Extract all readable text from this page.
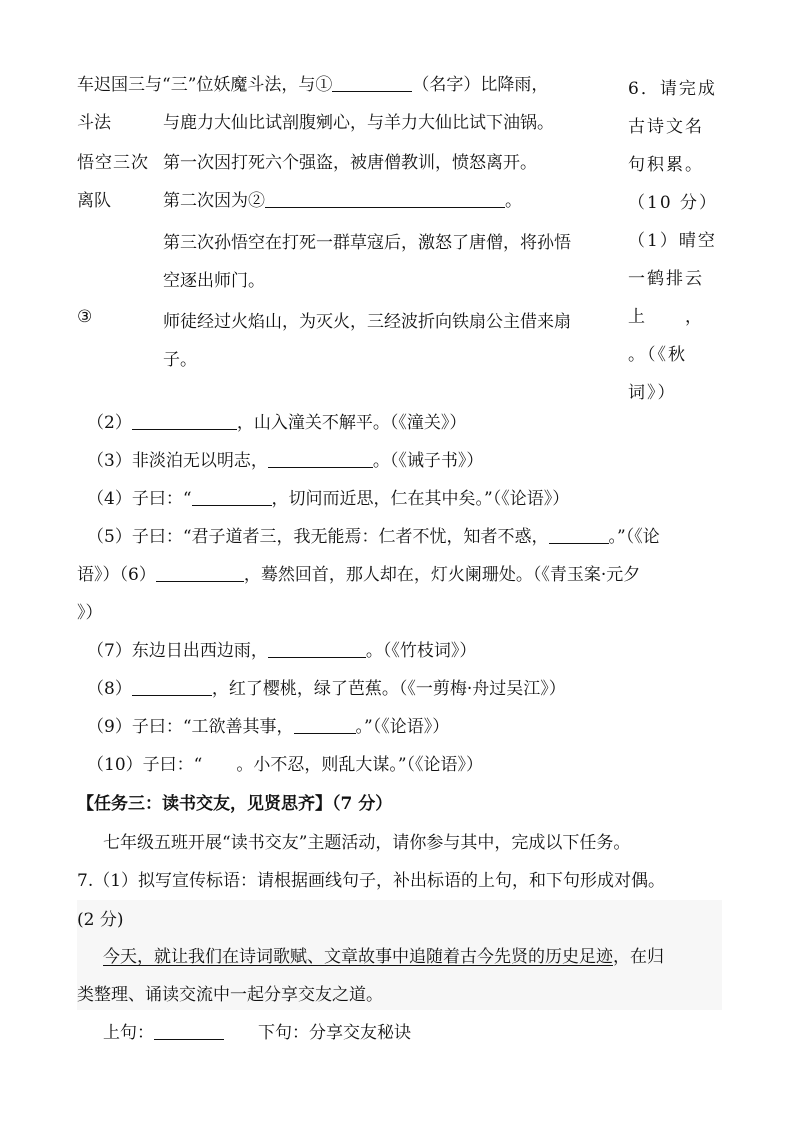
车迟国三与“三”位妖魔斗法，与①	（名字）比降雨，
斗法	与鹿力大仙比试剖腹剜心，与羊力大仙比试下油锅。
悟空三次 第一次因打死六个强盗，被唐僧教训，愤怒离开。
离队	第二次因为②	。
第三次孙悟空在打死一群草寇后，激怒了唐僧，将孙悟
空逐出师门。
③	师徒经过火焰山，为灭火，三经波折向铁扇公主借来扇
子。
6．请完成
古诗文名
句积累。
（10 分）
（1）晴空
一鹤排云
上　　，
。（《秋
词》）
（2）	，山入潼关不解平。（《潼关》）
（3）非淡泊无以明志，	。（《诫子书》）
（4）子曰：“	，切问而近思，仁在其中矣。”（《论语》）
（5）子曰：“君子道者三，我无能焉：仁者不忧，知者不惑，	。”（《论
语》）（6）	，蓦然回首，那人却在，灯火阑珊处。（《青玉案·元夕
》）
（7）东边日出西边雨，	。（《竹枝词》）
（8）	，红了樱桃，绿了芭蕉。（《一剪梅·舟过吴江》）
（9）子曰：“工欲善其事，	。”（《论语》）
（10）子曰：“　　。小不忍，则乱大谋。”（《论语》）
【任务三：读书交友，见贤思齐】（7 分）
七年级五班开展“读书交友”主题活动，请你参与其中，完成以下任务。
7.（1）拟写宣传标语：请根据画线句子，补出标语的上句，和下句形成对偶。
(2 分)
今天，就让我们在诗词歌赋、文章故事中追随着古今先贤的历史足迹，在归
类整理、诵读交流中一起分享交友之道。
上句：	下句：分享交友秘诀
